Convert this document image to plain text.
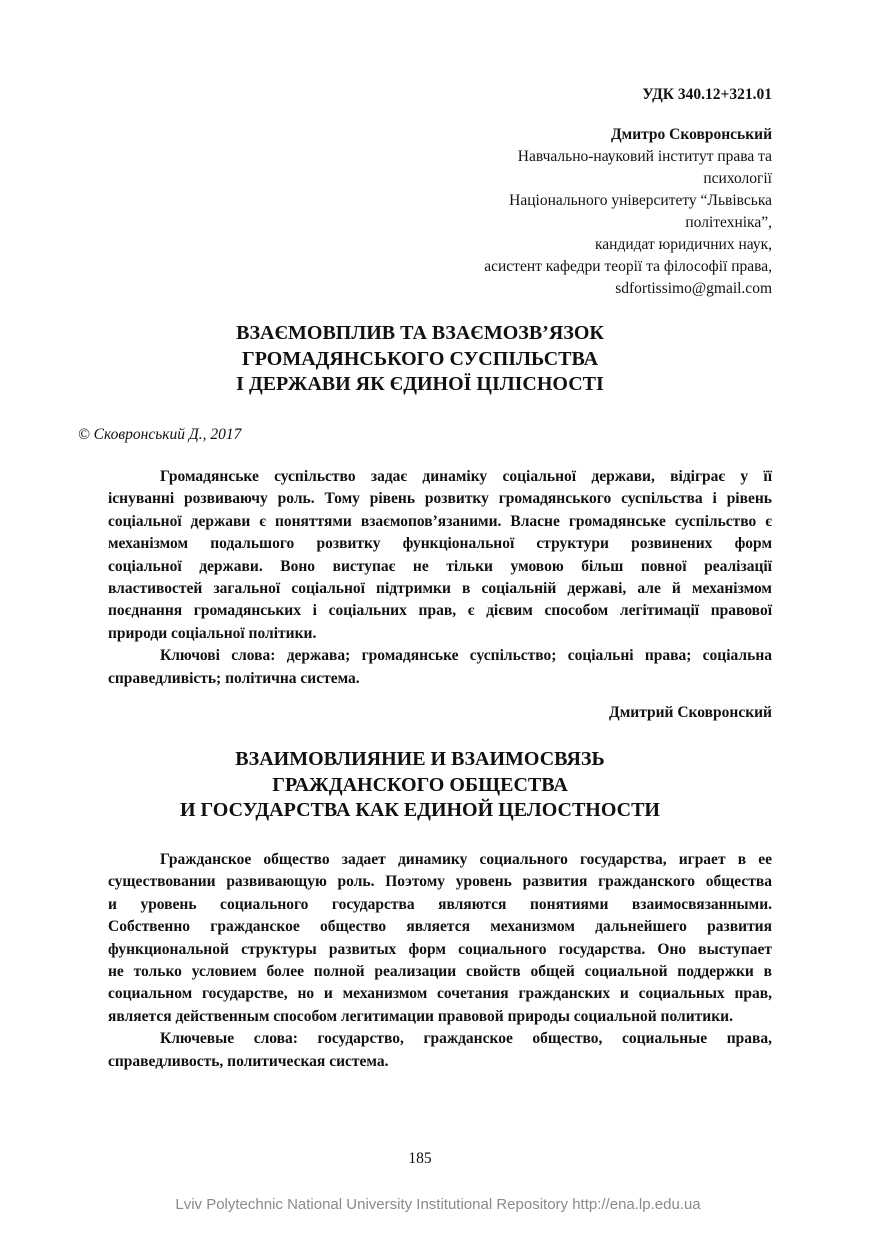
УДК 340.12+321.01
Дмитро Сковронський
Навчально-науковий інститут права та
психології
Національного університету “Львівська
політехніка”,
кандидат юридичних наук,
асистент кафедри теорії та філософії права,
sdfortissimo@gmail.com
ВЗАЄМОВПЛИВ ТА ВЗАЄМОЗВ’ЯЗОК
ГРОМАДЯНСЬКОГО СУСПІЛЬСТВА
І ДЕРЖАВИ ЯК ЄДИНОЇ ЦІЛІСНОСТІ
© Сковронський Д., 2017
Громадянське суспільство задає динаміку соціальної держави, відіграє у її
існуванні розвиваючу роль. Тому рівень розвитку громадянського суспільства і рівень
соціальної держави є поняттями взаємопов’язаними. Власне громадянське суспільство є
механізмом подальшого розвитку функціональної структури розвинених форм
соціальної держави. Воно виступає не тільки умовою більш повної реалізації
властивостей загальної соціальної підтримки в соціальній державі, але й механізмом
поєднання громадянських і соціальних прав, є дієвим способом легітимації правової
природи соціальної політики.
Ключові слова: держава; громадянське суспільство; соціальні права; соціальна
справедливість; політична система.
Дмитрий Сковронский
ВЗАИМОВЛИЯНИЕ И ВЗАИМОСВЯЗЬ
ГРАЖДАНСКОГО ОБЩЕСТВА
И ГОСУДАРСТВА КАК ЕДИНОЙ ЦЕЛОСТНОСТИ
Гражданское общество задает динамику социального государства, играет в ее
существовании развивающую роль. Поэтому уровень развития гражданского общества
и уровень социального государства являются понятиями взаимосвязанными.
Собственно гражданское общество является механизмом дальнейшего развития
функциональной структуры развитых форм социального государства. Оно выступает
не только условием более полной реализации свойств общей социальной поддержки в
социальном государстве, но и механизмом сочетания гражданских и социальных прав,
является действенным способом легитимации правовой природы социальной политики.
Ключевые слова: государство, гражданское общество, социальные права,
справедливость, политическая система.
185
Lviv Polytechnic National University Institutional Repository http://ena.lp.edu.ua
